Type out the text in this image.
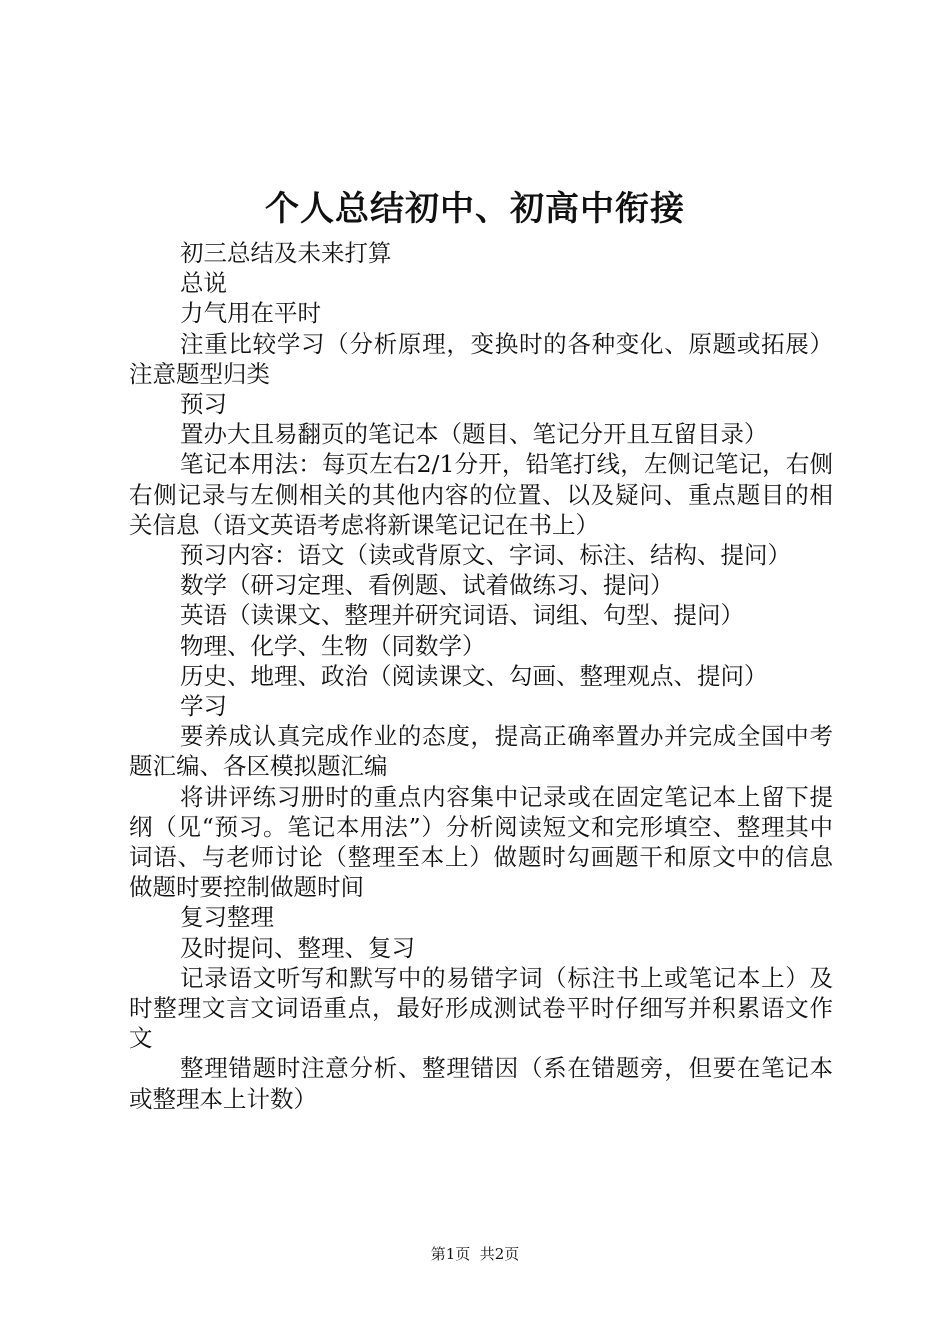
个人总结初中、初高中衔接

初三总结及未来打算

总说

力气用在平时

注重比较学习（分析原理，变换时的各种变化、原题或拓展）注意题型归类

预习

置办大且易翻页的笔记本（题目、笔记分开且互留目录）

笔记本用法：每页左右2/1分开，铅笔打线，左侧记笔记，右侧右侧记录与左侧相关的其他内容的位置、以及疑问、重点题目的相关信息（语文英语考虑将新课笔记记在书上）

预习内容：语文（读或背原文、字词、标注、结构、提问）

数学（研习定理、看例题、试着做练习、提问）

英语（读课文、整理并研究词语、词组、句型、提问）

物理、化学、生物（同数学）

历史、地理、政治（阅读课文、勾画、整理观点、提问）

学习

要养成认真完成作业的态度，提高正确率置办并完成全国中考题汇编、各区模拟题汇编

将讲评练习册时的重点内容集中记录或在固定笔记本上留下提纲（见“预习。笔记本用法”）分析阅读短文和完形填空、整理其中词语、与老师讨论（整理至本上）做题时勾画题干和原文中的信息做题时要控制做题时间

复习整理

及时提问、整理、复习

记录语文听写和默写中的易错字词（标注书上或笔记本上）及时整理文言文词语重点，最好形成测试卷平时仔细写并积累语文作文

整理错题时注意分析、整理错因（系在错题旁，但要在笔记本或整理本上计数）

第1页  共2页
